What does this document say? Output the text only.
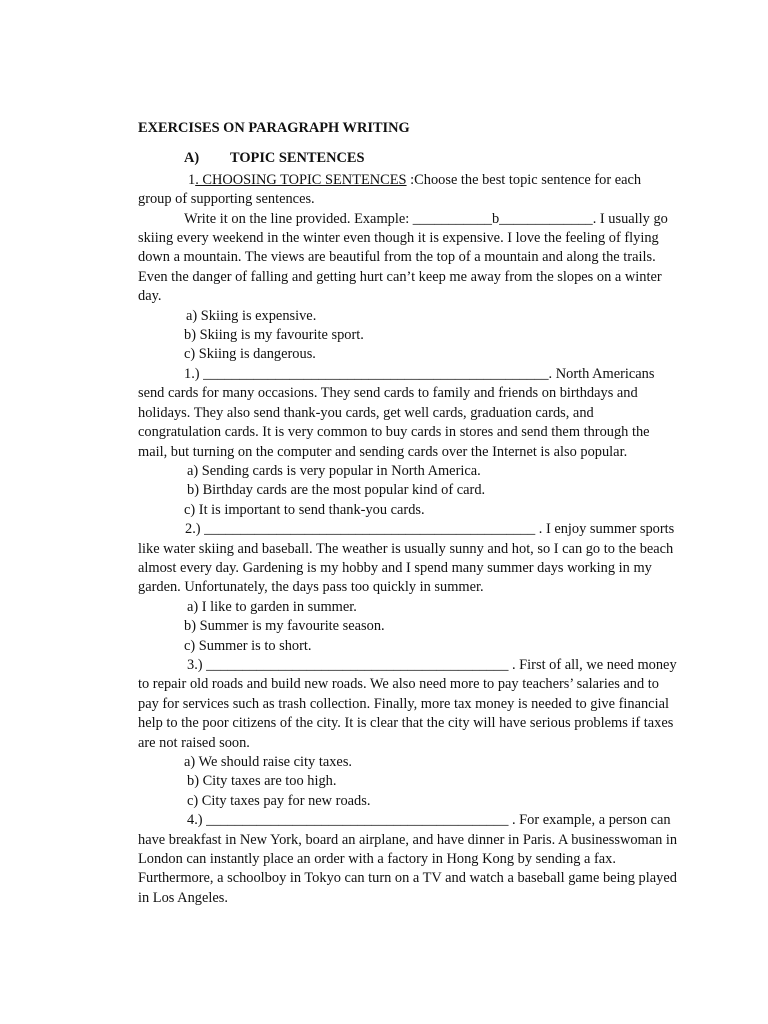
EXERCISES ON PARAGRAPH WRITING
A) TOPIC SENTENCES

1. CHOOSING TOPIC SENTENCES :Choose the best topic sentence for each group of supporting sentences.

Write it on the line provided. Example: ___________b_____________. I usually go skiing every weekend in the winter even though it is expensive. I love the feeling of flying down a mountain. The views are beautiful from the top of a mountain and along the trails. Even the danger of falling and getting hurt can’t keep me away from the slopes on a winter day.

a) Skiing is expensive.

b) Skiing is my favourite sport.

c) Skiing is dangerous.

1.) ________________________________________________. North Americans send cards for many occasions. They send cards to family and friends on birthdays and holidays. They also send thank-you cards, get well cards, graduation cards, and congratulation cards. It is very common to buy cards in stores and send them through the mail, but turning on the computer and sending cards over the Internet is also popular.

a) Sending cards is very popular in North America.

b) Birthday cards are the most popular kind of card.

c) It is important to send thank-you cards.

2.) ______________________________________________ . I enjoy summer sports like water skiing and baseball. The weather is usually sunny and hot, so I can go to the beach almost every day. Gardening is my hobby and I spend many summer days working in my garden. Unfortunately, the days pass too quickly in summer.

a) I like to garden in summer.

b) Summer is my favourite season.

c) Summer is to short.

3.) __________________________________________ . First of all, we need money to repair old roads and build new roads. We also need more to pay teachers’ salaries and to pay for services such as trash collection. Finally, more tax money is needed to give financial help to the poor citizens of the city. It is clear that the city will have serious problems if taxes are not raised soon.

a) We should raise city taxes.

b) City taxes are too high.

c) City taxes pay for new roads.

4.) __________________________________________ . For example, a person can have breakfast in New York, board an airplane, and have dinner in Paris. A businesswoman in London can instantly place an order with a factory in Hong Kong by sending a fax. Furthermore, a schoolboy in Tokyo can turn on a TV and watch a baseball game being played in Los Angeles.
